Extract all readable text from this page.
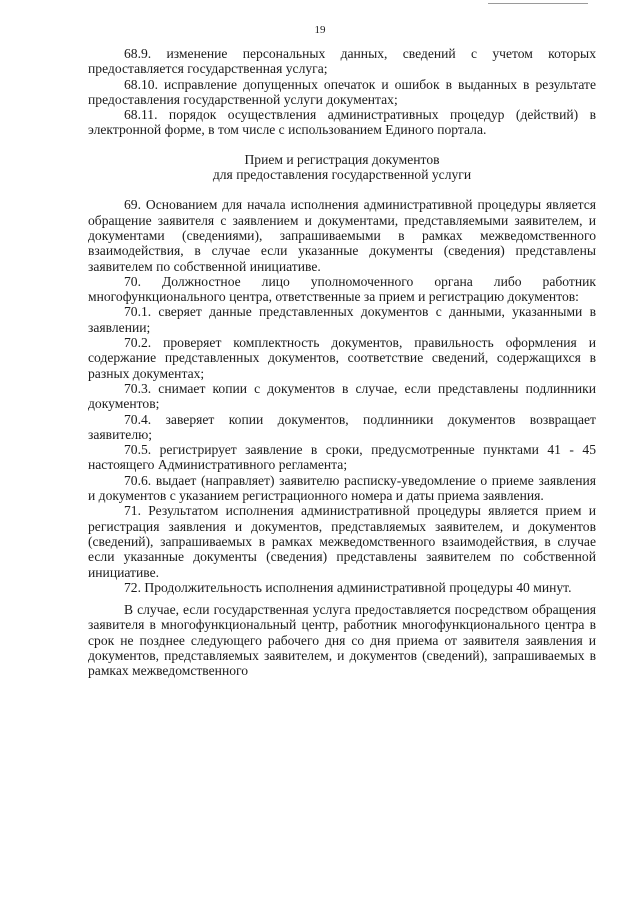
19

68.9. изменение персональных данных, сведений с учетом которых предоставляется государственная услуга;

68.10. исправление допущенных опечаток и ошибок в выданных в результате предоставления государственной услуги документах;

68.11. порядок осуществления административных процедур (действий) в электронной форме, в том числе с использованием Единого портала.

Прием и регистрация документов
для предоставления государственной услуги

69. Основанием для начала исполнения административной процедуры является обращение заявителя с заявлением и документами, представляемыми заявителем, и документами (сведениями), запрашиваемыми в рамках межведомственного взаимодействия, в случае если указанные документы (сведения) представлены заявителем по собственной инициативе.

70. Должностное лицо уполномоченного органа либо работник многофункционального центра, ответственные за прием и регистрацию документов:

70.1. сверяет данные представленных документов с данными, указанными в заявлении;

70.2. проверяет комплектность документов, правильность оформления и содержание представленных документов, соответствие сведений, содержащихся в разных документах;

70.3. снимает копии с документов в случае, если представлены подлинники документов;

70.4. заверяет копии документов, подлинники документов возвращает заявителю;

70.5. регистрирует заявление в сроки, предусмотренные пунктами 41 - 45 настоящего Административного регламента;

70.6. выдает (направляет) заявителю расписку-уведомление о приеме заявления и документов с указанием регистрационного номера и даты приема заявления.

71. Результатом исполнения административной процедуры является прием и регистрация заявления и документов, представляемых заявителем, и документов (сведений), запрашиваемых в рамках межведомственного взаимодействия, в случае если указанные документы (сведения) представлены заявителем по собственной инициативе.

72. Продолжительность исполнения административной процедуры 40 минут.

В случае, если государственная услуга предоставляется посредством обращения заявителя в многофункциональный центр, работник многофункционального центра в срок не позднее следующего рабочего дня со дня приема от заявителя заявления и документов, представляемых заявителем, и документов (сведений), запрашиваемых в рамках межведомственного
